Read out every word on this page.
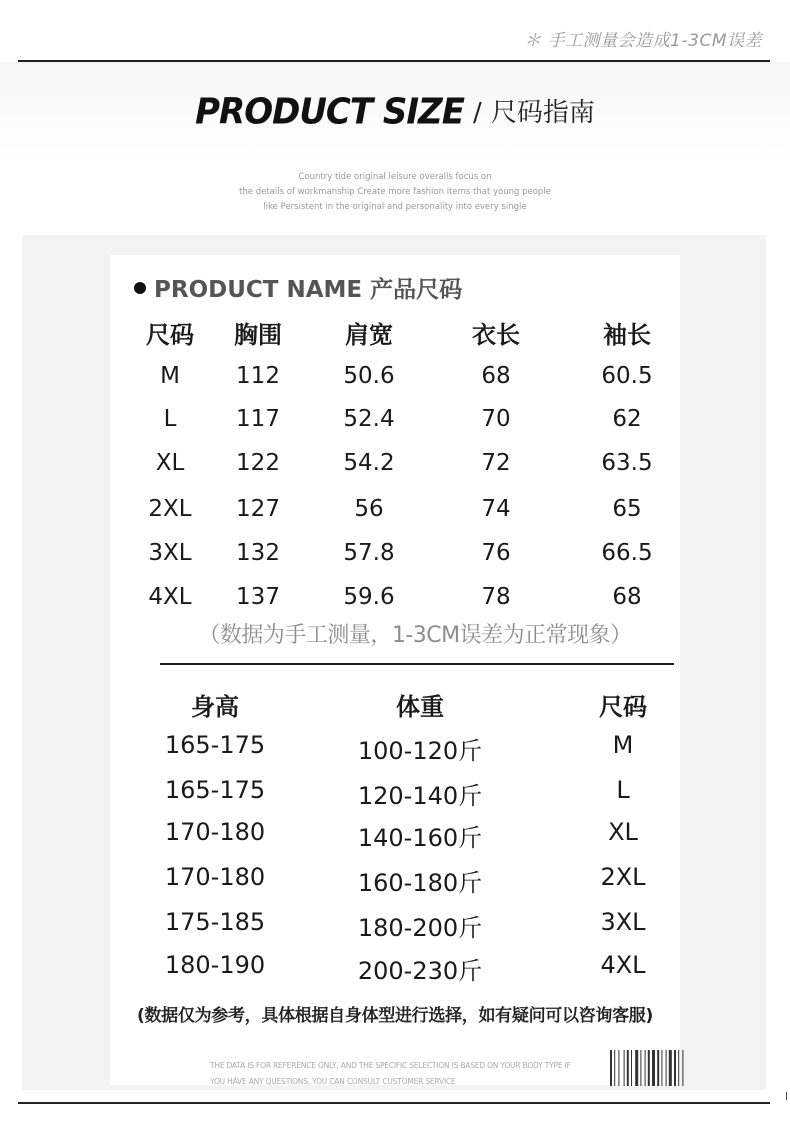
＊ 手工测量会造成1-3CM误差
PRODUCT SIZE / 尺码指南
Country tide original leisure overalls focus on
the details of workmanship Create more fashion items that young people
like Persistent in the original and personality into every single
PRODUCT NAME 产品尺码
尺码 胸围	肩宽	衣长	袖长
M 112	50.6	68	60.5
L	117	52.4	70	62
XL 122	54.2	72	63.5
2XL 127	56	74	65
3XL 132	57.8	76	66.5
4XL 137	59.6	78	68
（数据为手工测量，1-3CM误差为正常现象）
身高	体重	尺码
165-175	100-120斤	M
165-175	120-140斤	L
170-180	140-160斤	XL
170-180	160-180斤	2XL
175-185	180-200斤	3XL
180-190	200-230斤	4XL
(数据仅为参考，具体根据自身体型进行选择，如有疑问可以咨询客服)
THE DATA IS FOR REFERENCE ONLY, AND THE SPECIFIC SELECTION IS BASED ON YOUR BODY TYPE IF
YOU HAVE ANY QUESTIONS, YOU CAN CONSULT CUSTOMER SERVICE
